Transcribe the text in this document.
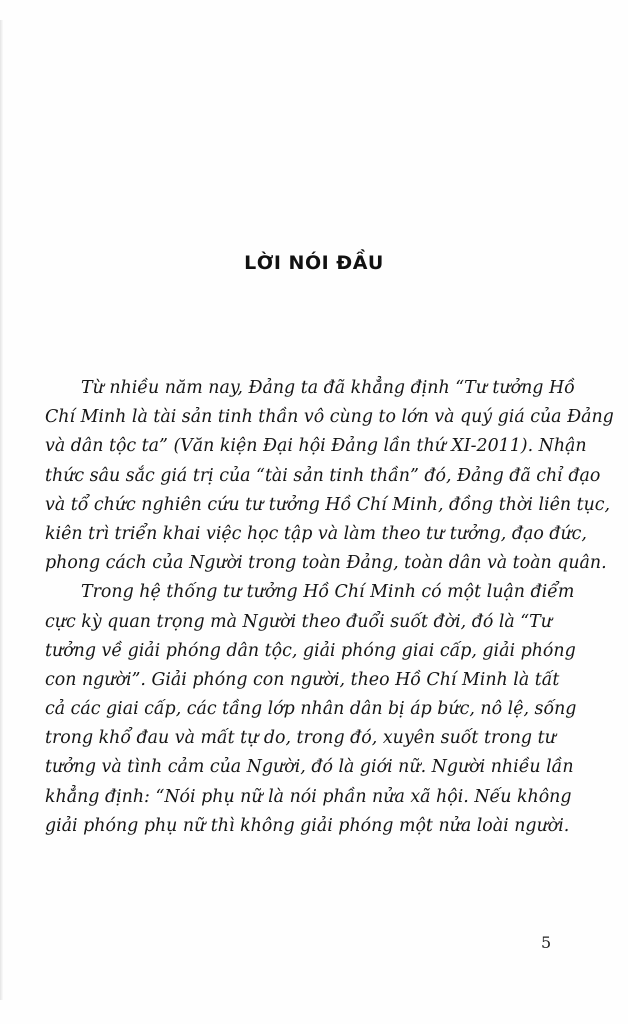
LỜI NÓI ĐẦU
Từ nhiều năm nay, Đảng ta đã khẳng định “Tư tưởng Hồ
Chí Minh là tài sản tinh thần vô cùng to lớn và quý giá của Đảng
và dân tộc ta” (Văn kiện Đại hội Đảng lần thứ XI-2011). Nhận
thức sâu sắc giá trị của “tài sản tinh thần” đó, Đảng đã chỉ đạo
và tổ chức nghiên cứu tư tưởng Hồ Chí Minh, đồng thời liên tục,
kiên trì triển khai việc học tập và làm theo tư tưởng, đạo đức,
phong cách của Người trong toàn Đảng, toàn dân và toàn quân.
Trong hệ thống tư tưởng Hồ Chí Minh có một luận điểm
cực kỳ quan trọng mà Người theo đuổi suốt đời, đó là “Tư
tưởng về giải phóng dân tộc, giải phóng giai cấp, giải phóng
con người”. Giải phóng con người, theo Hồ Chí Minh là tất
cả các giai cấp, các tầng lớp nhân dân bị áp bức, nô lệ, sống
trong khổ đau và mất tự do, trong đó, xuyên suốt trong tư
tưởng và tình cảm của Người, đó là giới nữ. Người nhiều lần
khẳng định: “Nói phụ nữ là nói phần nửa xã hội. Nếu không
giải phóng phụ nữ thì không giải phóng một nửa loài người.
5
